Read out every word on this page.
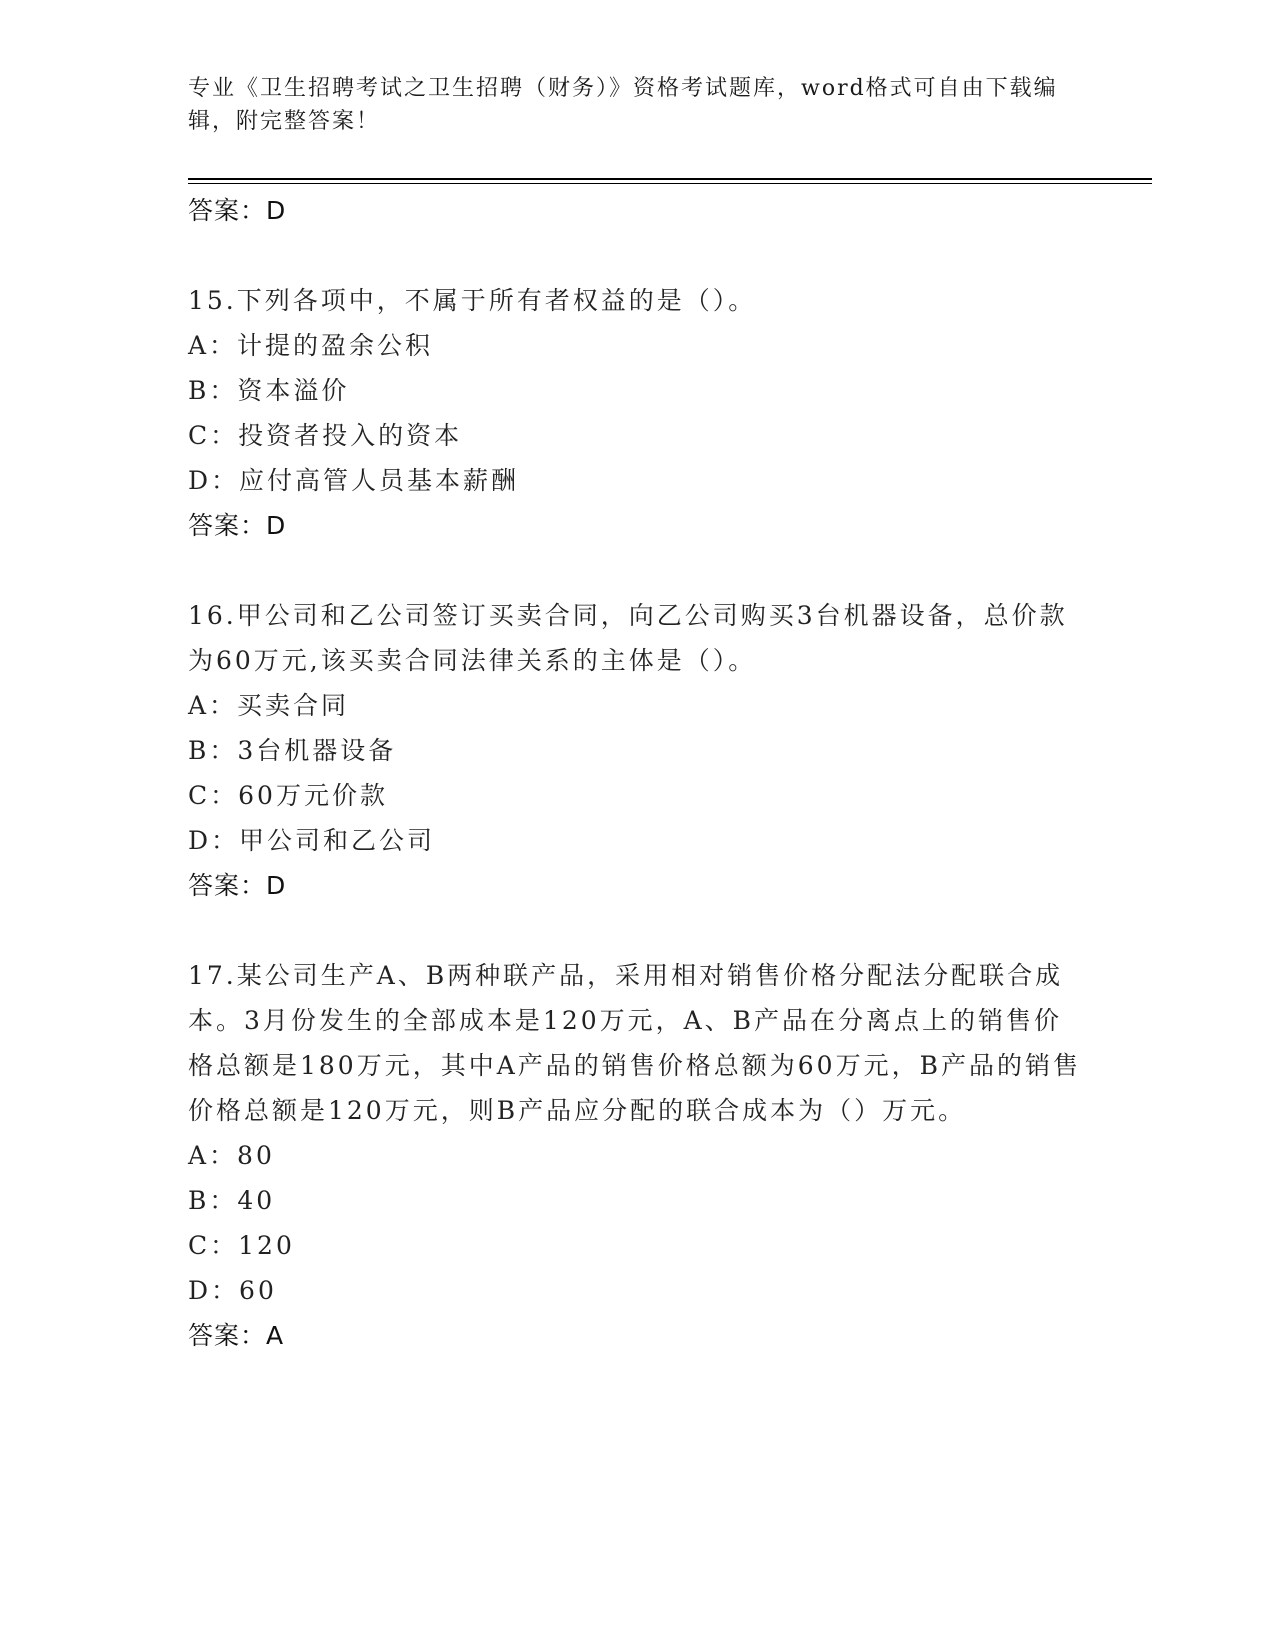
专业《卫生招聘考试之卫生招聘（财务）》资格考试题库，word格式可自由下载编辑，附完整答案！
答案：D
15.下列各项中，不属于所有者权益的是（）。
A：计提的盈余公积
B：资本溢价
C：投资者投入的资本
D：应付高管人员基本薪酬
答案：D
16.甲公司和乙公司签订买卖合同，向乙公司购买3台机器设备，总价款为60万元,该买卖合同法律关系的主体是（）。
A：买卖合同
B：3台机器设备
C：60万元价款
D：甲公司和乙公司
答案：D
17.某公司生产A、B两种联产品，采用相对销售价格分配法分配联合成本。3月份发生的全部成本是120万元，A、B产品在分离点上的销售价格总额是180万元，其中A产品的销售价格总额为60万元，B产品的销售价格总额是120万元，则B产品应分配的联合成本为（）万元。
A：80
B：40
C：120
D：60
答案：A
